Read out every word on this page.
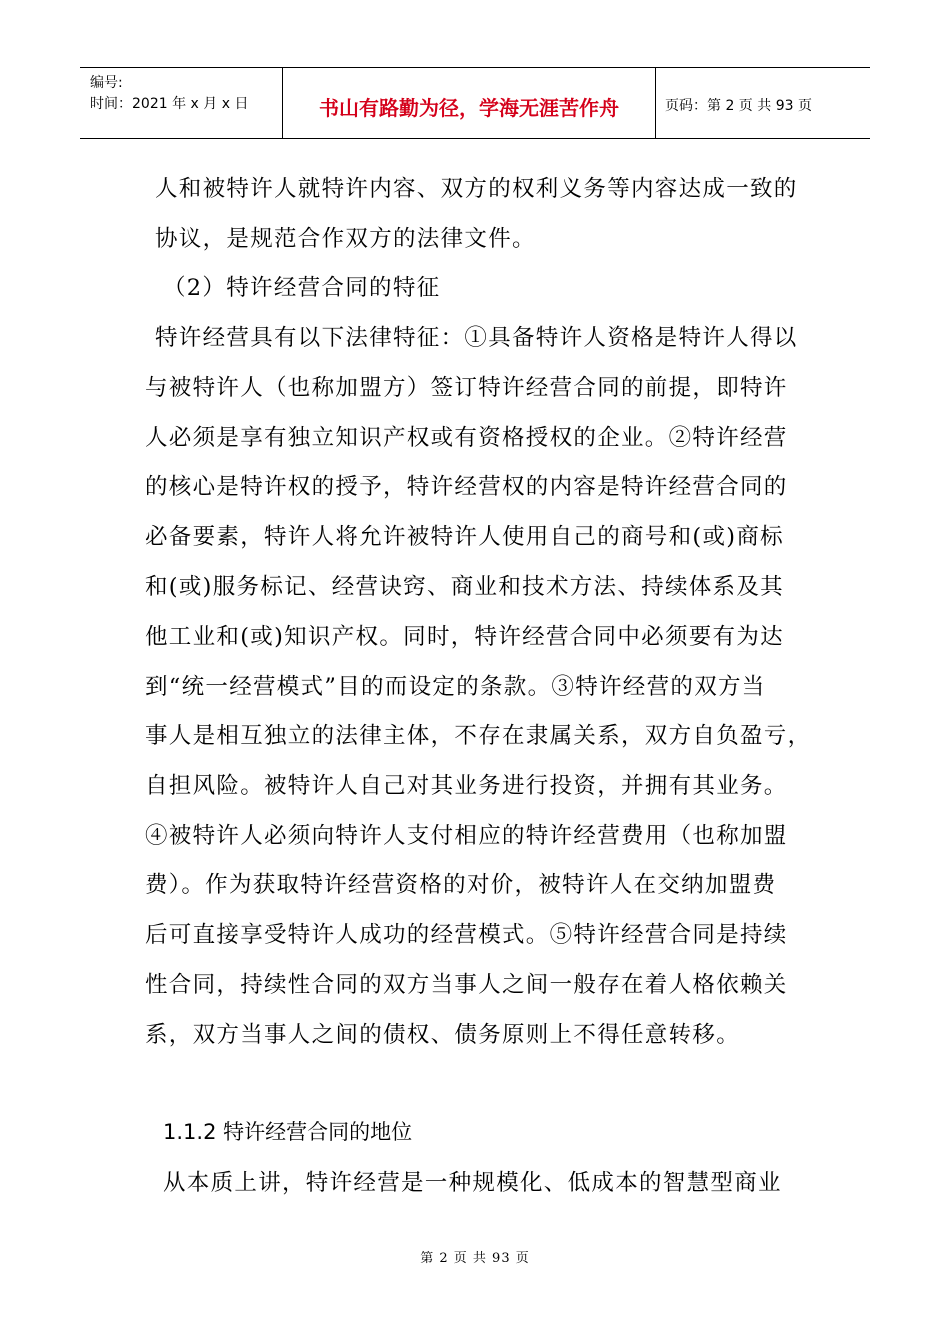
编号:
时间：2021 年 x 月 x 日	书山有路勤为径，学海无涯苦作舟	页码：第 2 页 共 93 页
人和被特许人就特许内容、双方的权利义务等内容达成一致的
协议，是规范合作双方的法律文件。
（2）特许经营合同的特征
特许经营具有以下法律特征：①具备特许人资格是特许人得以
与被特许人（也称加盟方）签订特许经营合同的前提，即特许
人必须是享有独立知识产权或有资格授权的企业。②特许经营
的核心是特许权的授予，特许经营权的内容是特许经营合同的
必备要素，特许人将允许被特许人使用自己的商号和(或)商标
和(或)服务标记、经营诀窍、商业和技术方法、持续体系及其
他工业和(或)知识产权。同时，特许经营合同中必须要有为达
到“统一经营模式”目的而设定的条款。③特许经营的双方当
事人是相互独立的法律主体，不存在隶属关系，双方自负盈亏，
自担风险。被特许人自己对其业务进行投资，并拥有其业务。
④被特许人必须向特许人支付相应的特许经营费用（也称加盟
费）。作为获取特许经营资格的对价，被特许人在交纳加盟费
后可直接享受特许人成功的经营模式。⑤特许经营合同是持续
性合同，持续性合同的双方当事人之间一般存在着人格依赖关
系，双方当事人之间的债权、债务原则上不得任意转移。
1.1.2 特许经营合同的地位
从本质上讲，特许经营是一种规模化、低成本的智慧型商业
第 2 页 共 93 页
